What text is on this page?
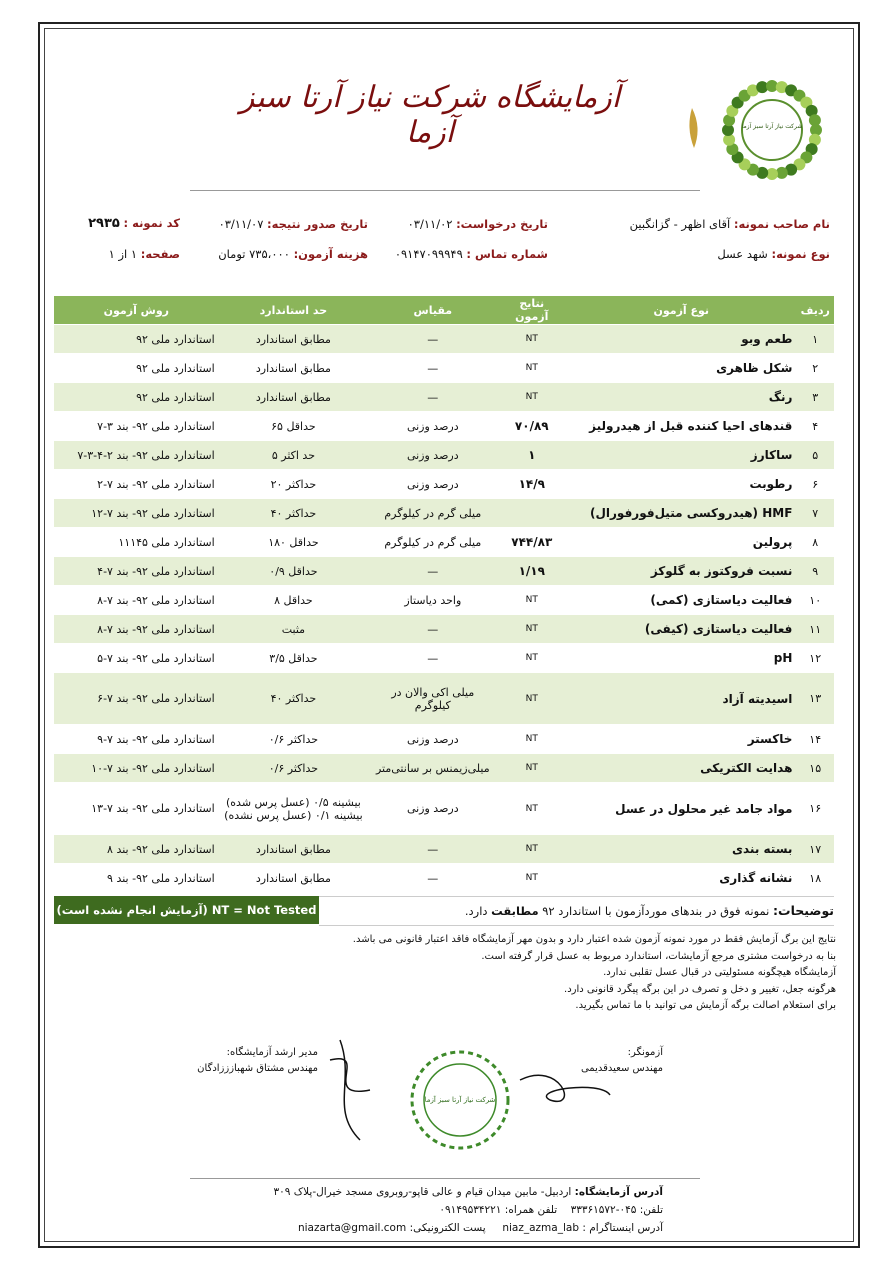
شرکت نیاز آرتا سبز آزما
آزمایشگاه شرکت نیاز آرتا سبز آزما
نام صاحب نمونه: آقای اظهر - گزانگبین
تاریخ درخواست: ۰۳/۱۱/۰۲
تاریخ صدور نتیجه: ۰۳/۱۱/۰۷
کد نمونه : ۲۹۳۵
نوع نمونه: شهد عسل
شماره تماس : ۰۹۱۴۷۰۹۹۹۴۹
هزینه آزمون: ۷۳۵،۰۰۰ تومان
صفحه: ۱ از ۱
ردیف	نوع آزمون	نتایج آزمون	مقیاس	حد استاندارد	روش آزمون
۱	طعم وبو	NT	—	مطابق استاندارد	استاندارد ملی ۹۲
۲	شکل ظاهری	NT	—	مطابق استاندارد	استاندارد ملی ۹۲
۳	رنگ	NT	—	مطابق استاندارد	استاندارد ملی ۹۲
۴	قندهای احیا کننده قبل از هیدرولیز	۷۰/۸۹	درصد وزنی	حداقل ۶۵	استاندارد ملی ۹۲- بند ۳-۷
۵	ساکارز	۱	درصد وزنی	حد اکثر ۵	استاندارد ملی ۹۲- بند ۲-۴-۳-۷
۶	رطوبت	۱۴/۹	درصد وزنی	حداکثر ۲۰	استاندارد ملی ۹۲- بند ۷-۲
۷	HMF (هیدروکسی متیل‌فورفورال)		میلی گرم در کیلوگرم	حداکثر ۴۰	استاندارد ملی ۹۲- بند ۷-۱۲
۸	پرولین	۷۴۴/۸۳	میلی گرم در کیلوگرم	حداقل ۱۸۰	استاندارد ملی ۱۱۱۴۵
۹	نسبت فروکتوز به گلوکز	۱/۱۹	—	حداقل ۰/۹	استاندارد ملی ۹۲- بند ۷-۴
۱۰	فعالیت دیاستازی (کمی)	NT	واحد دیاستاز	حداقل ۸	استاندارد ملی ۹۲- بند ۷-۸
۱۱	فعالیت دیاستازی (کیفی)	NT	—	مثبت	استاندارد ملی ۹۲- بند ۷-۸
۱۲	pH	NT	—	حداقل ۳/۵	استاندارد ملی ۹۲- بند ۷-۵
۱۳	اسیدیته آزاد	NT	میلی اکی والان در کیلوگرم	حداکثر ۴۰	استاندارد ملی ۹۲- بند ۷-۶
۱۴	خاکستر	NT	درصد وزنی	حداکثر ۰/۶	استاندارد ملی ۹۲- بند ۷-۹
۱۵	هدایت الکتریکی	NT	میلی‌زیمنس بر سانتی‌متر	حداکثر ۰/۶	استاندارد ملی ۹۲- بند ۷-۱۰
۱۶	مواد جامد غیر محلول در عسل	NT	درصد وزنی	بیشینه ۰/۵ (عسل پرس شده) بیشینه ۰/۱ (عسل پرس نشده)	استاندارد ملی ۹۲- بند ۷-۱۳
۱۷	بسته بندی	NT	—	مطابق استاندارد	استاندارد ملی ۹۲- بند ۸
۱۸	نشانه گذاری	NT	—	مطابق استاندارد	استاندارد ملی ۹۲- بند ۹
توضیحات: نمونه فوق در بندهای موردآزمون با استاندارد ۹۲ مطابقت دارد.
NT = Not Tested (آزمایش انجام نشده است)
نتایج این برگ آزمایش فقط در مورد نمونه آزمون شده اعتبار دارد و بدون مهر آزمایشگاه فاقد اعتبار قانونی می باشد.
بنا به درخواست مشتری مرجع آزمایشات، استاندارد مربوط به عسل قرار گرفته است.
آزمایشگاه هیچگونه مسئولیتی در قبال عسل تقلبی ندارد.
هرگونه جعل، تغییر و دخل و تصرف در این برگه پیگرد قانونی دارد.
برای استعلام اصالت برگه آزمایش می توانید با ما تماس بگیرید.
آزمونگر:
مهندس سعیدقدیمی
مدیر ارشد آزمایشگاه:
مهندس مشتاق شهبازززادگان
شرکت نیاز آرتا سبز آزما
آدرس آزمایشگاه: اردبیل- مابین میدان قیام و عالی قاپو-روبروی مسجد خیرال-پلاک ۳۰۹
تلفن: ۰۴۵-۳۳۳۶۱۵۷۲    تلفن همراه: ۰۹۱۴۹۵۳۴۲۲۱
آدرس اینستاگرام : niaz_azma_lab     پست الکترونیکی: niazarta@gmail.com
